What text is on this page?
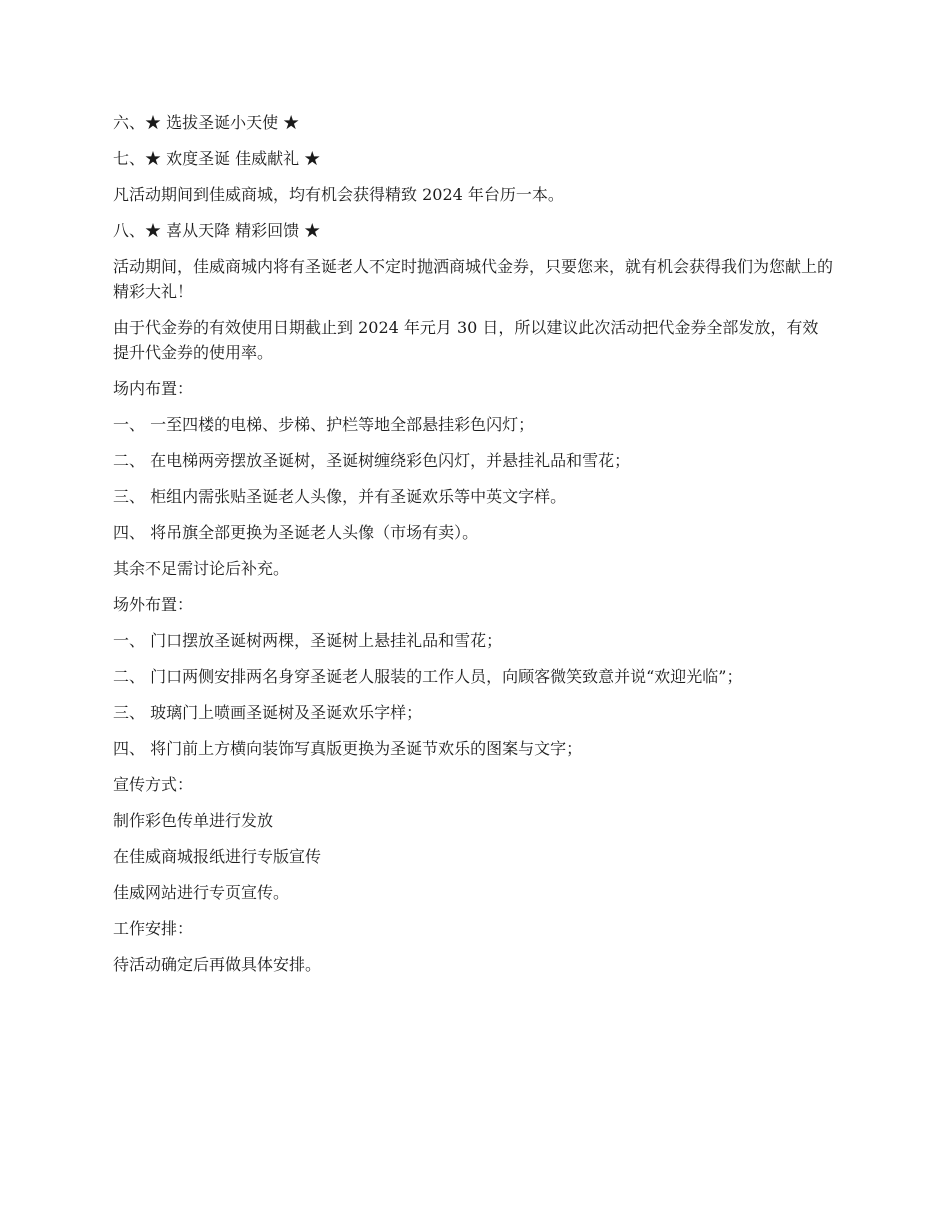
六、★ 选拔圣诞小天使 ★

七、★ 欢度圣诞 佳威献礼 ★

凡活动期间到佳威商城，均有机会获得精致 2024 年台历一本。

八、★ 喜从天降 精彩回馈 ★

活动期间，佳威商城内将有圣诞老人不定时抛洒商城代金券，只要您来，就有机会获得我们为您献上的精彩大礼！

由于代金券的有效使用日期截止到 2024 年元月 30 日，所以建议此次活动把代金券全部发放，有效提升代金券的使用率。

场内布置：

一、 一至四楼的电梯、步梯、护栏等地全部悬挂彩色闪灯；

二、 在电梯两旁摆放圣诞树，圣诞树缠绕彩色闪灯，并悬挂礼品和雪花；

三、 柜组内需张贴圣诞老人头像，并有圣诞欢乐等中英文字样。

四、 将吊旗全部更换为圣诞老人头像（市场有卖）。

其余不足需讨论后补充。

场外布置：

一、 门口摆放圣诞树两棵，圣诞树上悬挂礼品和雪花；

二、 门口两侧安排两名身穿圣诞老人服装的工作人员，向顾客微笑致意并说“欢迎光临”；

三、 玻璃门上喷画圣诞树及圣诞欢乐字样；

四、 将门前上方横向装饰写真版更换为圣诞节欢乐的图案与文字；

宣传方式：

制作彩色传单进行发放

在佳威商城报纸进行专版宣传

佳威网站进行专页宣传。

工作安排：

待活动确定后再做具体安排。
